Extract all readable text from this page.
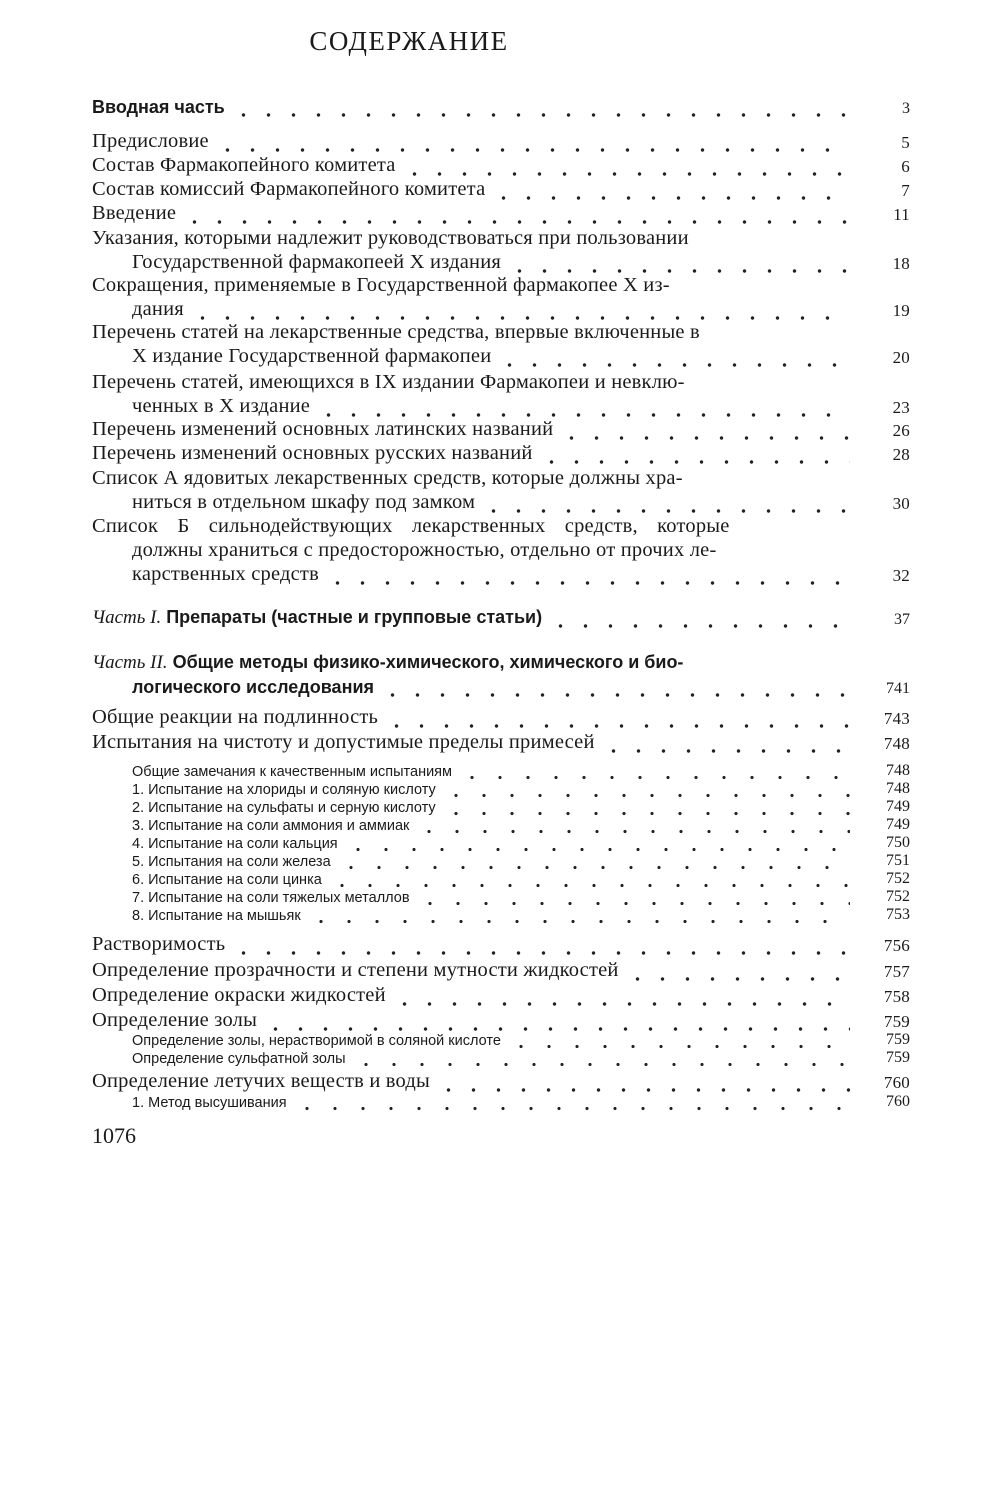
СОДЕРЖАНИЕ
Вводная часть	3
Предисловие	5
Состав Фармакопейного комитета	6
Состав комиссий Фармакопейного комитета	7
Введение	11
Указания, которыми надлежит руководствоваться при пользовании
Государственной фармакопеей X издания	18
Сокращения, применяемые в Государственной фармакопее X из-
дания	19
Перечень статей на лекарственные средства, впервые включенные в
X издание Государственной фармакопеи	20
Перечень статей, имеющихся в IX издании Фармакопеи и невклю-
ченных в X издание	23
Перечень изменений основных латинских названий	26
Перечень изменений основных русских названий	28
Список А ядовитых лекарственных средств, которые должны хра-
ниться в отдельном шкафу под замком	30
Список Б сильнодействующих лекарственных средств, которые
должны храниться с предосторожностью, отдельно от прочих ле-
карственных средств	32
Часть I. Препараты (частные и групповые статьи)	37
Часть II. Общие методы физико-химического, химического и био-
логического исследования	741
Общие реакции на подлинность	743
Испытания на чистоту и допустимые пределы примесей	748
Общие замечания к качественным испытаниям	748
1. Испытание на хлориды и соляную кислоту	748
2. Испытание на сульфаты и серную кислоту	749
3. Испытание на соли аммония и аммиак	749
4. Испытание на соли кальция	750
5. Испытания на соли железа	751
6. Испытание на соли цинка	752
7. Испытание на соли тяжелых металлов	752
8. Испытание на мышьяк	753
Растворимость	756
Определение прозрачности и степени мутности жидкостей	757
Определение окраски жидкостей	758
Определение золы	759
Определение золы, нерастворимой в соляной кислоте	759
Определение сульфатной золы	759
Определение летучих веществ и воды	760
1. Метод высушивания	760
1076
